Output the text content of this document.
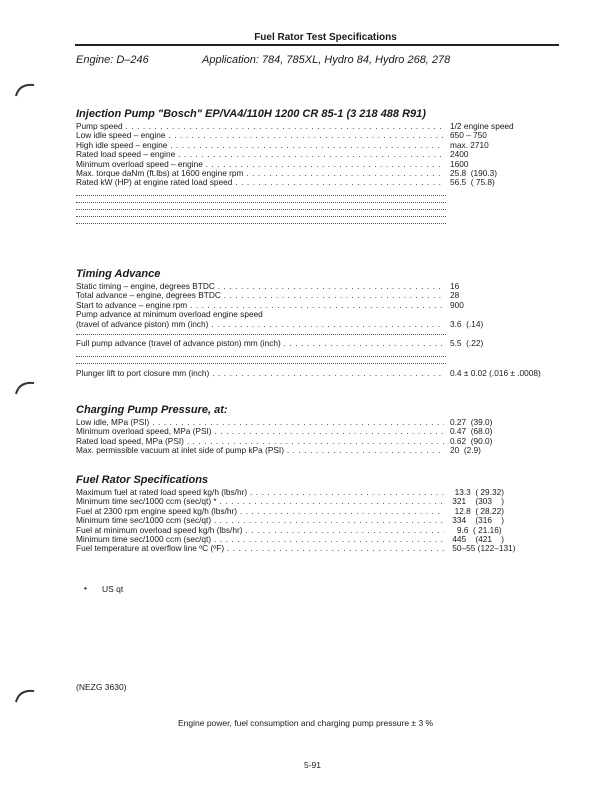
Fuel Rator Test Specifications
Engine: D–246	Application: 784, 785XL, Hydro 84, Hydro 268, 278
Injection Pump "Bosch" EP/VA4/110H 1200 CR 85-1 (3 218 488 R91)
Pump speed . . .	1/2 engine speed
Low idle speed – engine . . .	650 – 750
High idle speed – engine . . .	max. 2710
Rated load speed – engine . . .	2400
Minimum overload speed – engine . . .	1600
Max. torque daNm (ft.lbs) at 1600 engine rpm . . .	25.8  (190.3)
Rated kW (HP) at engine rated load speed . . .	56.5  ( 75.8)
Timing Advance
Static timing – engine, degrees BTDC . . .	16
Total advance – engine, degrees BTDC . . .	28
Start to advance – engine rpm . . .	900
Pump advance at minimum overload engine speed
(travel of advance piston) mm (inch) . . .	3.6  (.14)
Full pump advance (travel of advance piston) mm (inch) . . .	5.5  (.22)
Plunger lift to port closure mm (inch) . . .	0.4 ± 0.02 (.016 ± .0008)
Charging Pump Pressure, at:
Low idle, MPa (PSI) . . .	0.27  (39.0)
Minimum overload speed, MPa (PSI) . . .	0.47  (68.0)
Rated load speed, MPa (PSI) . . .	0.62  (90.0)
Max. permissible vacuum at inlet side of pump kPa (PSI) . . .	20  (2.9)
Fuel Rator Specifications
Maximum fuel at rated load speed kg/h (lbs/hr) . . .	13.3  ( 29.32)
Minimum time sec/1000 ccm (sec/qt) * . . .	321    (303    )
Fuel at 2300 rpm engine speed kg/h (lbs/hr) . . .	12.8  ( 28.22)
Minimum time sec/1000 ccm (sec/qt) . . .	334    (316    )
Fuel at minimum overload speed kg/h (lbs/hr) . . .	9.6  ( 21.16)
Minimum time sec/1000 ccm (sec/qt) . . .	445    (421    )
Fuel temperature at overflow line ºC (ºF) . . .	50–55 (122–131)
• US qt
(NEZG 3630)
Engine power, fuel consumption and charging pump pressure ± 3 %
5-91
